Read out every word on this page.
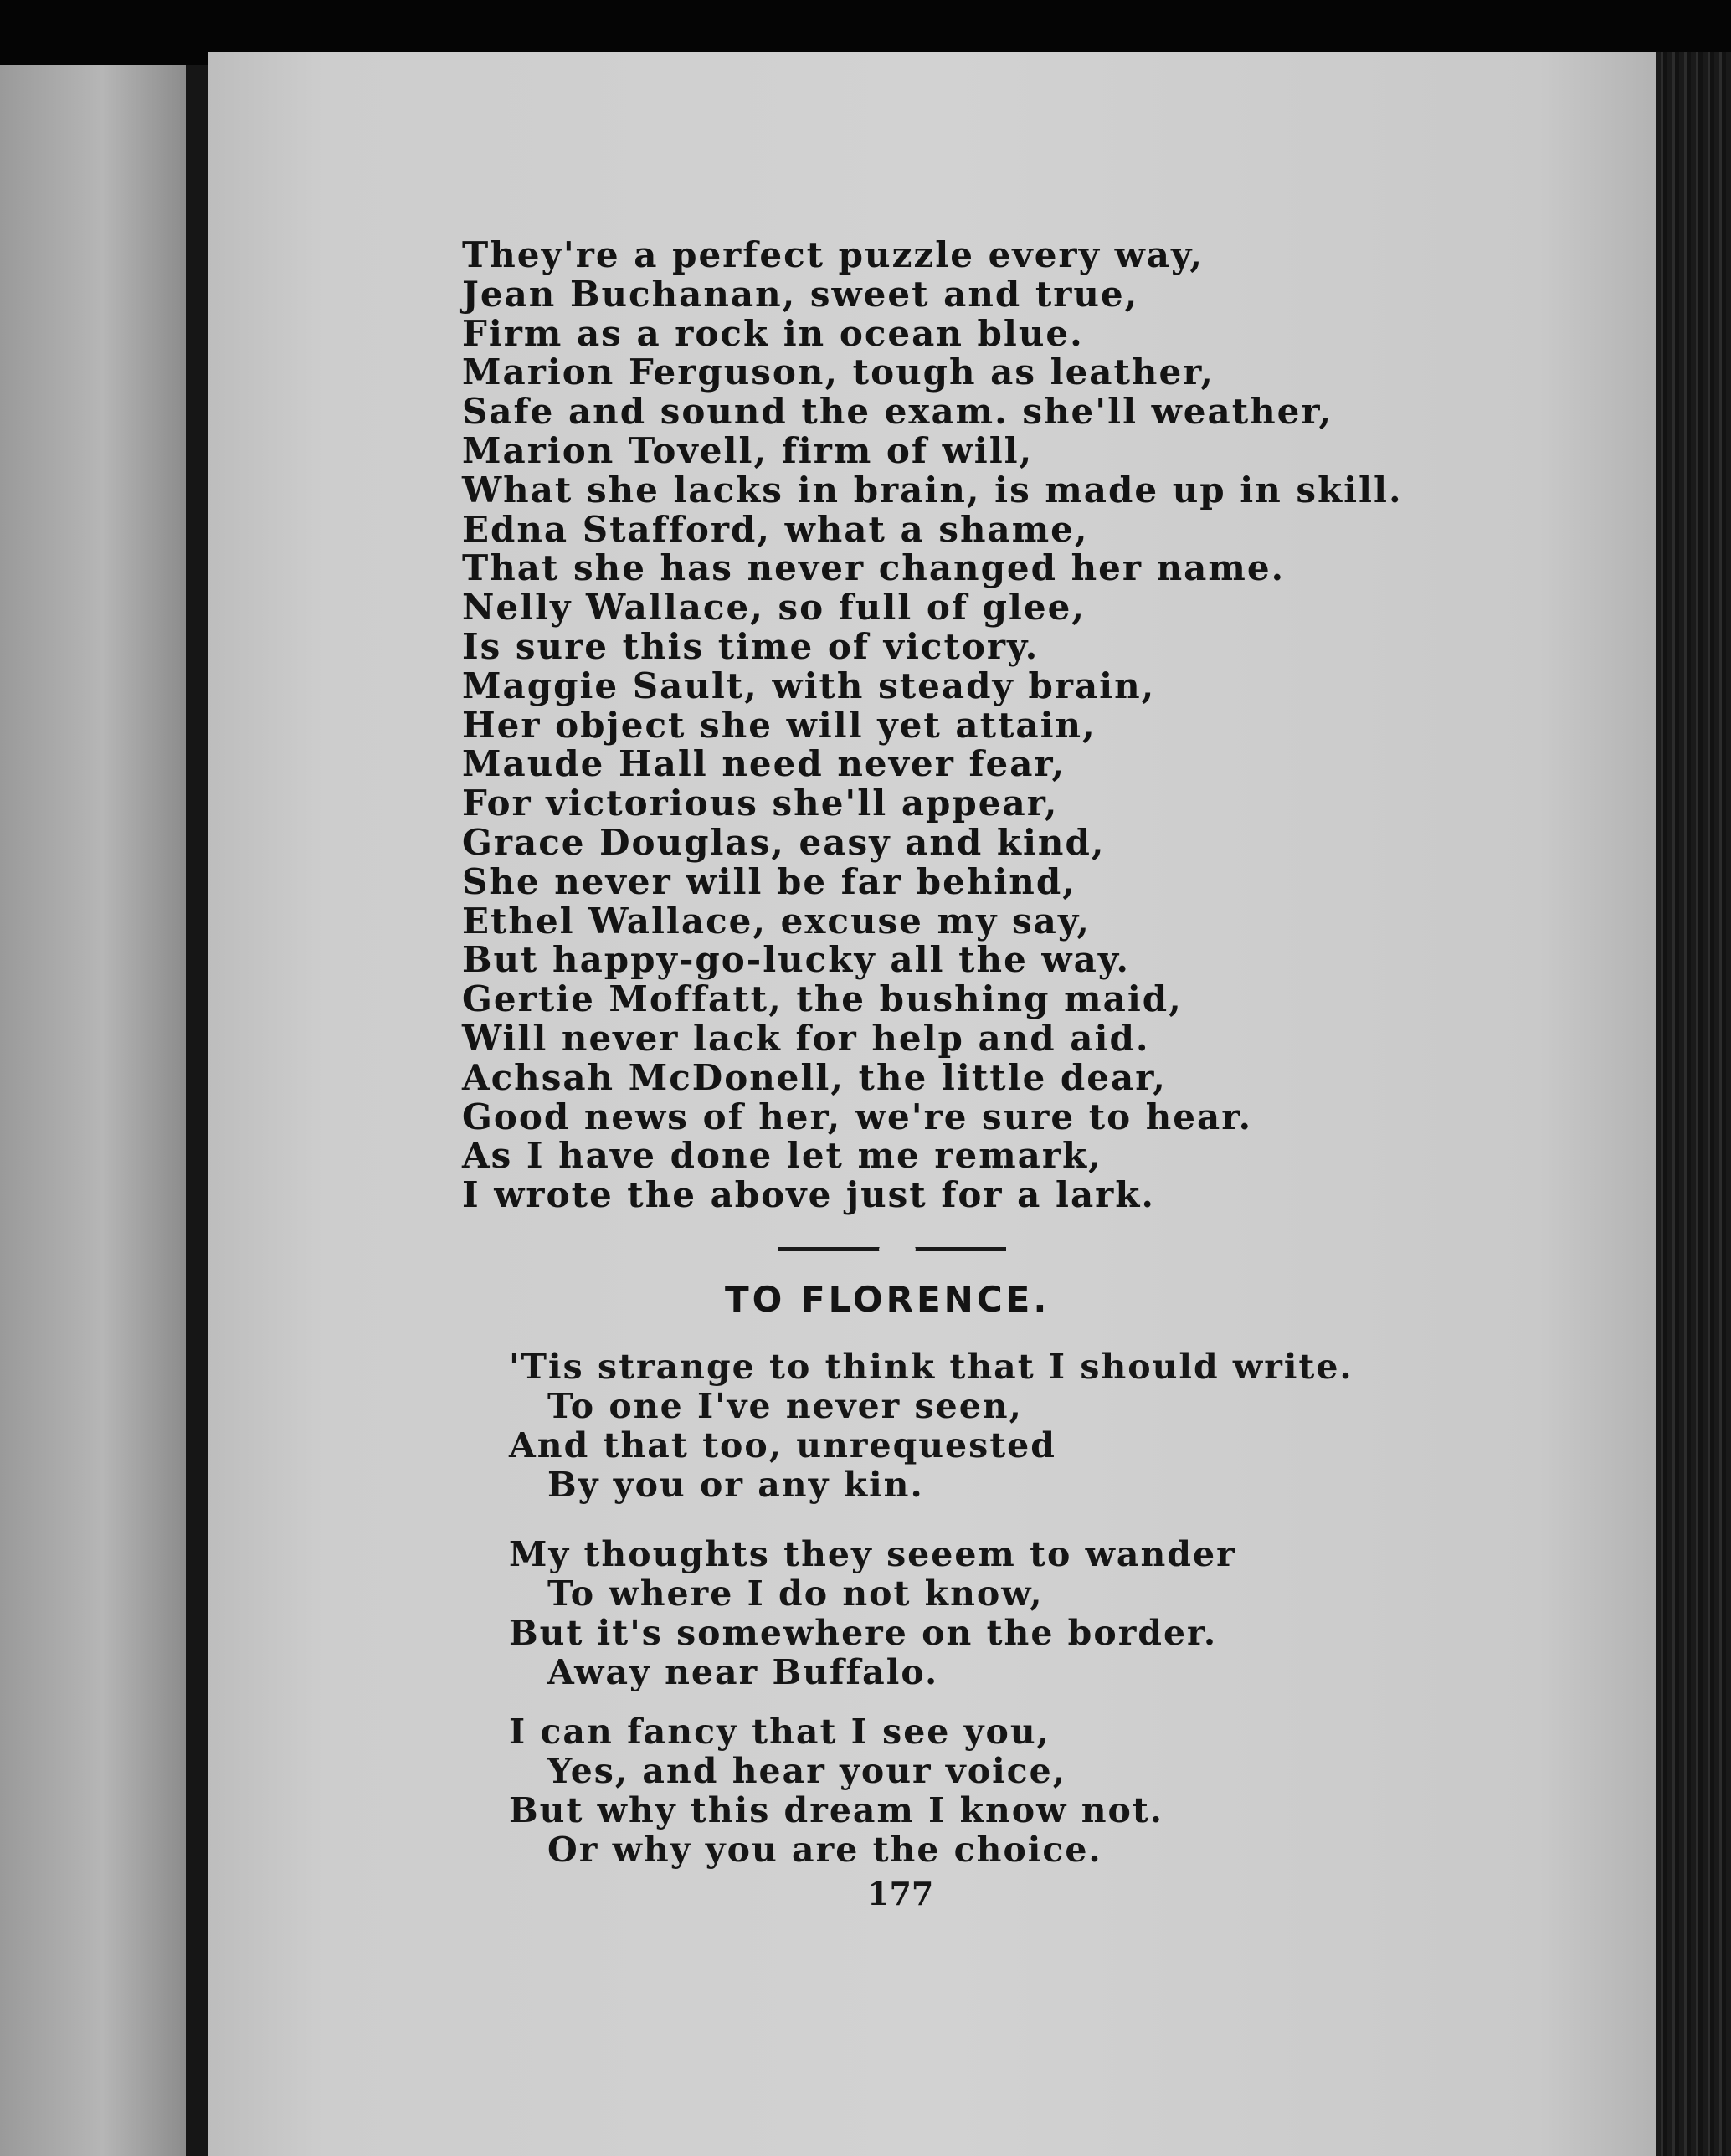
They're a perfect puzzle every way,
Jean Buchanan, sweet and true,
Firm as a rock in ocean blue.
Marion Ferguson, tough as leather,
Safe and sound the exam. she'll weather,
Marion Tovell, firm of will,
What she lacks in brain, is made up in skill.
Edna Stafford, what a shame,
That she has never changed her name.
Nelly Wallace, so full of glee,
Is sure this time of victory.
Maggie Sault, with steady brain,
Her object she will yet attain,
Maude Hall need never fear,
For victorious she'll appear,
Grace Douglas, easy and kind,
She never will be far behind,
Ethel Wallace, excuse my say,
But happy-go-lucky all the way.
Gertie Moffatt, the bushing maid,
Will never lack for help and aid.
Achsah McDonell, the little dear,
Good news of her, we're sure to hear.
As I have done let me remark,
I wrote the above just for a lark.
TO FLORENCE.
'Tis strange to think that I should write.
To one I've never seen,
And that too, unrequested
By you or any kin.
My thoughts they seeem to wander
To where I do not know,
But it's somewhere on the border.
Away near Buffalo.
I can fancy that I see you,
Yes, and hear your voice,
But why this dream I know not.
Or why you are the choice.

177
